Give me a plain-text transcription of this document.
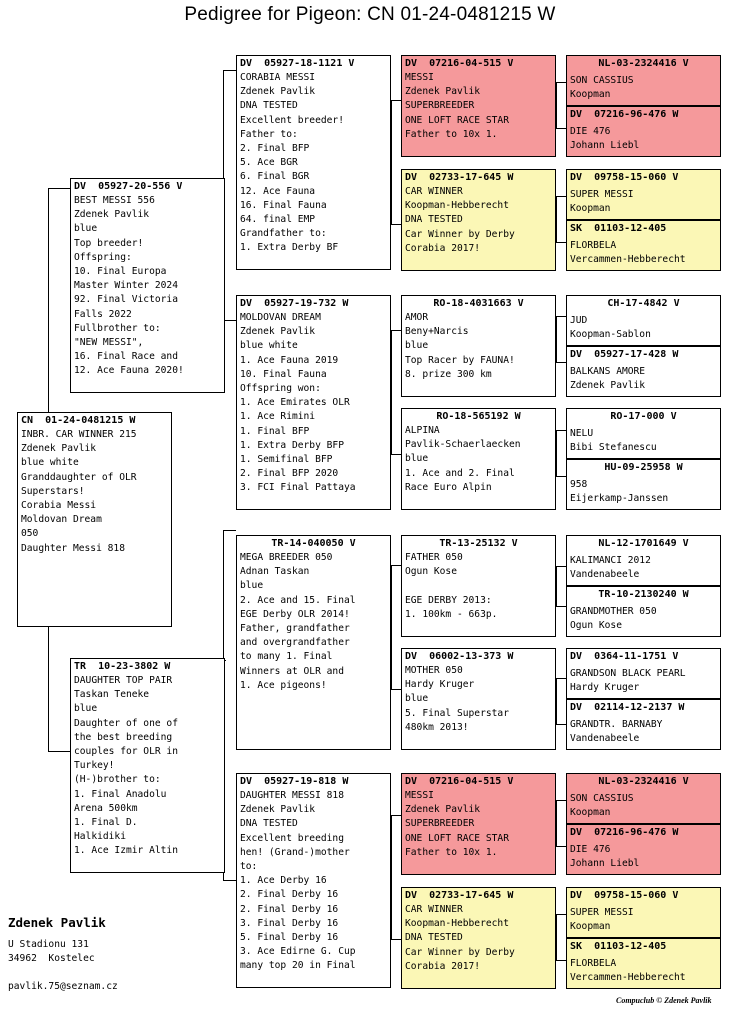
Pedigree for Pigeon: CN 01-24-0481215 W
CN  01-24-0481215 W
INBR. CAR WINNER 215
Zdenek Pavlik
blue white
Granddaughter of OLR
Superstars!
Corabia Messi
Moldovan Dream
050
Daughter Messi 818
DV  05927-20-556 V
BEST MESSI 556
Zdenek Pavlik
blue
Top breeder!
Offspring:
10. Final Europa
Master Winter 2024
92. Final Victoria
Falls 2022
Fullbrother to:
"NEW MESSI",
16. Final Race and
12. Ace Fauna 2020!
TR  10-23-3802 W
DAUGHTER TOP PAIR
Taskan Teneke
blue
Daughter of one of
the best breeding
couples for OLR in
Turkey!
(H-)brother to:
1. Final Anadolu
Arena 500km
1. Final D.
Halkidiki
1. Ace Izmir Altin
DV  05927-18-1121 V
CORABIA MESSI
Zdenek Pavlik
DNA TESTED
Excellent breeder!
Father to:
2. Final BFP
5. Ace BGR
6. Final BGR
12. Ace Fauna
16. Final Fauna
64. final EMP
Grandfather to:
1. Extra Derby BF
DV  05927-19-732 W
MOLDOVAN DREAM
Zdenek Pavlik
blue white
1. Ace Fauna 2019
10. Final Fauna
Offspring won:
1. Ace Emirates OLR
1. Ace Rimini
1. Final BFP
1. Extra Derby BFP
1. Semifinal BFP
2. Final BFP 2020
3. FCI Final Pattaya
TR-14-040050 V
MEGA BREEDER 050
Adnan Taskan
blue
2. Ace and 15. Final
EGE Derby OLR 2014!
Father, grandfather
and overgrandfather
to many 1. Final
Winners at OLR and
1. Ace pigeons!
DV  05927-19-818 W
DAUGHTER MESSI 818
Zdenek Pavlik
DNA TESTED
Excellent breeding
hen! (Grand-)mother
to:
1. Ace Derby 16
2. Final Derby 16
2. Final Derby 16
3. Final Derby 16
5. Final Derby 16
3. Ace Edirne G. Cup
many top 20 in Final
DV  07216-04-515 V
MESSI
Zdenek Pavlik
SUPERBREEDER
ONE LOFT RACE STAR
Father to 10x 1.
DV  02733-17-645 W
CAR WINNER
Koopman-Hebberecht
DNA TESTED
Car Winner by Derby
Corabia 2017!
RO-18-4031663 V
AMOR
Beny+Narcis
blue
Top Racer by FAUNA!
8. prize 300 km
RO-18-565192 W
ALPINA
Pavlik-Schaerlaecken
blue
1. Ace and 2. Final
Race Euro Alpin
TR-13-25132 V
FATHER 050
Ogun Kose

EGE DERBY 2013:
1. 100km - 663p.
DV  06002-13-373 W
MOTHER 050
Hardy Kruger
blue
5. Final Superstar
480km 2013!
DV  07216-04-515 V
MESSI
Zdenek Pavlik
SUPERBREEDER
ONE LOFT RACE STAR
Father to 10x 1.
DV  02733-17-645 W
CAR WINNER
Koopman-Hebberecht
DNA TESTED
Car Winner by Derby
Corabia 2017!
NL-03-2324416 V
SON CASSIUS
Koopman
DV  07216-96-476 W
DIE 476
Johann Liebl
DV  09758-15-060 V
SUPER MESSI
Koopman
SK  01103-12-405
FLORBELA
Vercammen-Hebberecht
CH-17-4842 V
JUD
Koopman-Sablon
DV  05927-17-428 W
BALKANS AMORE
Zdenek Pavlik
RO-17-000 V
NELU
Bibi Stefanescu
HU-09-25958 W
958
Eijerkamp-Janssen
NL-12-1701649 V
KALIMANCI 2012
Vandenabeele
TR-10-2130240 W
GRANDMOTHER 050
Ogun Kose
DV  0364-11-1751 V
GRANDSON BLACK PEARL
Hardy Kruger
DV  02114-12-2137 W
GRANDTR. BARNABY
Vandenabeele
NL-03-2324416 V
SON CASSIUS
Koopman
DV  07216-96-476 W
DIE 476
Johann Liebl
DV  09758-15-060 V
SUPER MESSI
Koopman
SK  01103-12-405
FLORBELA
Vercammen-Hebberecht
Zdenek Pavlik
U Stadionu 131
34962  Kostelec
pavlik.75@seznam.cz
Compuclub © Zdenek Pavlik
